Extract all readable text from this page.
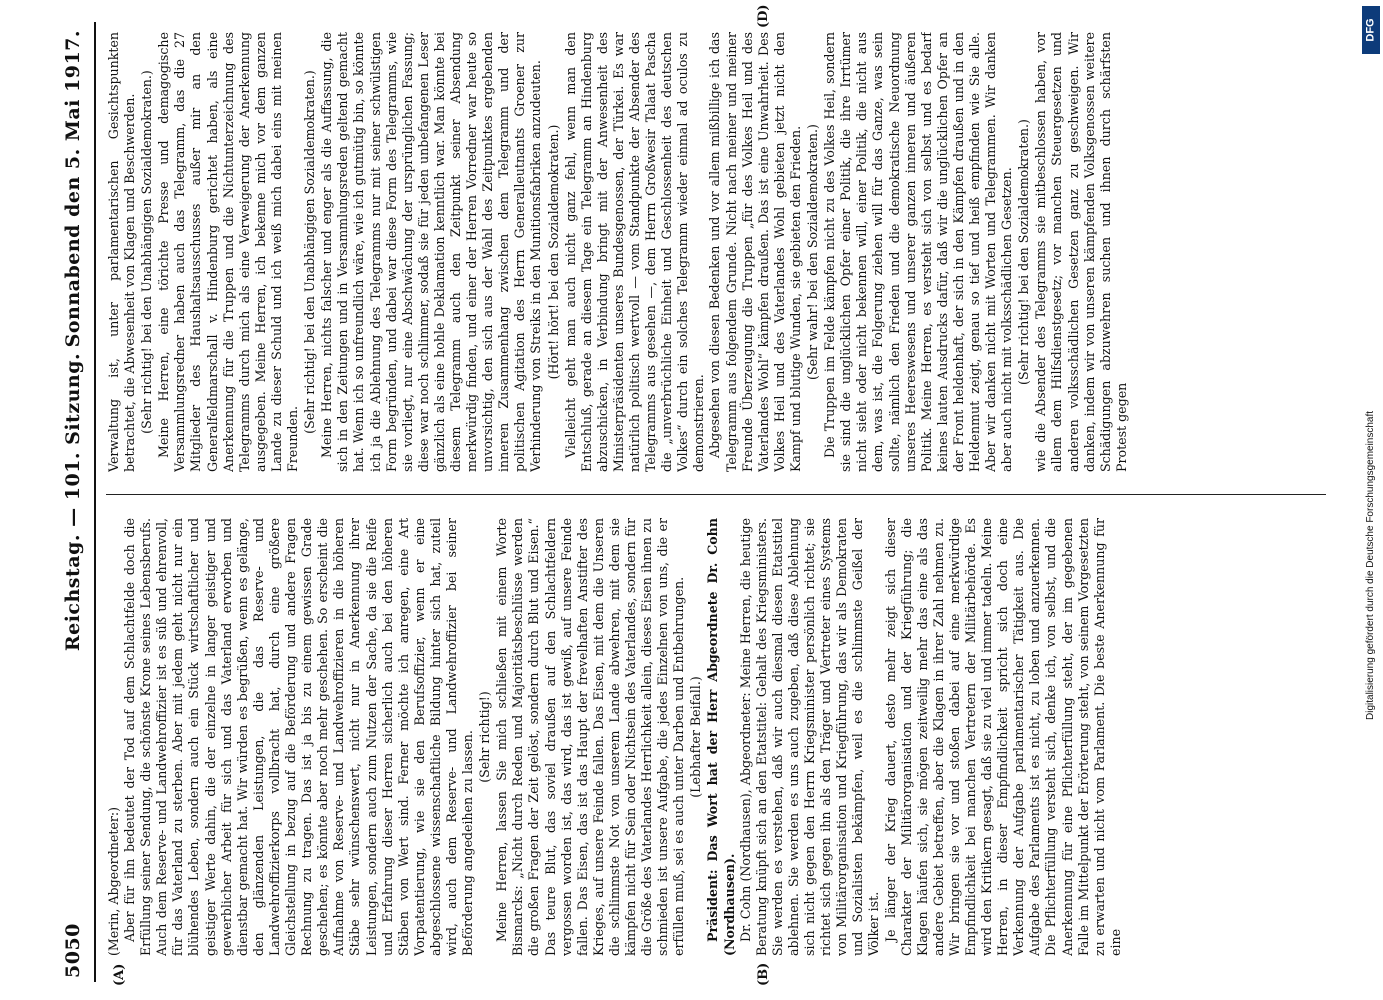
5050
Reichstag. — 101. Sitzung.
Sonnabend den 5. Mai 1917.
(A)	(B)
(D)

(Merin, Abgeordneter:) Aber für ihn bedeutet der Tod auf dem Schlachtfelde doch die Erfüllung seiner Sendung, die schönste Krone seines Lebensberufs. Auch dem Reserve- und Landwehroffizier ist es süß und ehrenvoll, für das Vaterland zu sterben. Aber mit jedem geht nicht nur ein blühendes Leben, sondern auch ein Stück wirtschaftlicher und geistiger Werte dahin, die der einzelne in langer geistiger und gewerblicher Arbeit für sich und das Vaterland erworben und dienstbar gemacht hat. Wir würden es begrüßen, wenn es gelänge, den glänzenden Leistungen, die das Reserve- und Landwehroffizierkorps vollbracht hat, durch eine größere Gleichstellung in bezug auf die Beförderung und andere Fragen Rechnung zu tragen. Das ist ja bis zu einem gewissen Grade geschehen; es könnte aber noch mehr geschehen. So erscheint die Aufnahme von Reserve- und Landwehroffizieren in die höheren Stäbe sehr wünschenswert, nicht nur in Anerkennung ihrer Leistungen, sondern auch zum Nutzen der Sache, da sie die Reife und Erfahrung dieser Herren sicherlich auch bei den höheren Stäben von Wert sind. Ferner möchte ich anregen, eine Art Vorpatentierung, wie sie den Berufsoffizier, wenn er eine abgeschlossene wissenschaftliche Bildung hinter sich hat, zuteil wird, auch dem Reserve- und Landwehroffizier bei seiner Beförderung angedeihen zu lassen. (Sehr richtig!) Meine Herren, lassen Sie mich schließen mit einem Worte Bismarcks: „Nicht durch Reden und Majoritätsbeschlüsse werden die großen Fragen der Zeit gelöst, sondern durch Blut und Eisen.“ Das teure Blut, das soviel draußen auf den Schlachtfeldern vergossen worden ist, das wird, das ist gewiß, auf unsere Feinde fallen. Das Eisen, das ist das Haupt der frevelhaften Anstifter des Krieges, auf unsere Feinde fallen. Das Eisen, mit dem die Unseren die schlimmste Not von unserem Lande abwehren, mit dem sie kämpfen nicht für Sein oder Nichtsein des Vaterlandes, sondern für die Größe des Vaterlandes Herrlichkeit allein, dieses Eisen ihnen zu schmieden ist unsere Aufgabe, die jedes Einzelnen von uns, die er erfüllen muß, sei es auch unter Darben und Entbehrungen. (Lebhafter Beifall.) Präsident: Das Wort hat der Herr Abgeordnete Dr. Cohn (Nordhausen). Dr. Cohn (Nordhausen), Abgeordneter: Meine Herren, die heutige Beratung knüpft sich an den Etatstitel: Gehalt des Kriegsministers. Sie werden es verstehen, daß wir auch diesmal diesen Etatstitel ablehnen. Sie werden es uns auch zugeben, daß diese Ablehnung sich nicht gegen den Herrn Kriegsminister persönlich richtet; sie richtet sich gegen ihn als den Träger und Vertreter eines Systems von Militärorganisation und Kriegführung, das wir als Demokraten und Sozialisten bekämpfen, weil es die schlimmste Geißel der Völker ist. Je länger der Krieg dauert, desto mehr zeigt sich dieser Charakter der Militärorganisation und der Kriegführung; die Klagen häufen sich, sie mögen zeitweilig mehr das eine als das andere Gebiet betreffen, aber die Klagen in ihrer Zahl nehmen zu. Wir bringen sie vor und stoßen dabei auf eine merkwürdige Empfindlichkeit bei manchen Vertretern der Militärbehörde. Es wird den Kritikern gesagt, daß sie zu viel und immer tadeln. Meine Herren, in dieser Empfindlichkeit spricht sich doch eine Verkennung der Aufgabe parlamentarischer Tätigkeit aus. Die Aufgabe des Parlaments ist es nicht, zu loben und anzuerkennen. Die Pflichterfüllung versteht sich, denke ich, von selbst, und die Anerkennung für eine Pflichterfüllung steht, der im gegebenen Falle im Mittelpunkt der Erörterung steht, von seinem Vorgesetzten zu erwarten und nicht vom Parlament. Die beste Anerkennung für eine

Verwaltung ist, unter parlamentarischen Gesichtspunkten betrachtet, die Abwesenheit von Klagen und Beschwerden. (Sehr richtig! bei den Unabhängigen Sozialdemokraten.) Meine Herren, eine törichte Presse und demagogische Versammlungsredner haben auch das Telegramm, das die 27 Mitglieder des Haushaltsausschusses außer mir an den Generalfeldmarschall v. Hindenburg gerichtet haben, als eine Anerkennung für die Truppen und die Nichtunterzeichnung des Telegramms durch mich als eine Verweigerung der Anerkennung ausgegeben. Meine Herren, ich bekenne mich vor dem ganzen Lande zu dieser Schuld und ich weiß mich dabei eins mit meinen Freunden.

(Sehr richtig! bei den Unabhängigen Sozialdemokraten.) Meine Herren, nichts falscher und enger als die Auffassung, die sich in den Zeitungen und in Versammlungsreden geltend gemacht hat. Wenn ich so unfreundlich wäre, wie ich gutmütig bin, so könnte ich ja die Ablehnung des Telegramms nur mit seiner schwülstigen Form begründen, und dabei war diese Form des Telegramms, wie sie vorliegt, nur eine Abschwächung der ursprünglichen Fassung; diese war noch schlimmer, sodaß sie für jeden unbefangenen Leser gänzlich als eine hohle Deklamation kenntlich war. Man könnte bei diesem Telegramm auch den Zeitpunkt seiner Absendung merkwürdig finden, und einer der Herren Vorredner war heute so unvorsichtig, den sich aus der Wahl des Zeitpunktes ergebenden inneren Zusammenhang zwischen dem Telegramm und der politischen Agitation des Herrn Generalleutnants Groener zur Verhinderung von Streiks in den Munitionsfabriken anzudeuten. (Hört! hört! bei den Sozialdemokraten.) Vielleicht geht man auch nicht ganz fehl, wenn man den Entschluß, gerade an diesem Tage ein Telegramm an Hindenburg abzuschicken, in Verbindung bringt mit der Anwesenheit des Ministerpräsidenten unseres Bundesgenossen, der Türkei. Es war natürlich politisch wertvoll — vom Standpunkte der Absender des Telegramms aus gesehen —, dem Herrn Großwesir Talaat Pascha die „unverbrüchliche Einheit und Geschlossenheit des deutschen Volkes“ durch ein solches Telegramm wieder einmal ad oculos zu demonstrieren. Abgesehen von diesen Bedenken und vor allem mißbillige ich das Telegramm aus folgendem Grunde. Nicht nach meiner und meiner Freunde Überzeugung die Truppen „für des Volkes Heil und des Vaterlandes Wohl“ kämpfen draußen. Das ist eine Unwahrheit. Des Volkes Heil und des Vaterlandes Wohl gebieten jetzt nicht den Kampf und blutige Wunden, sie gebieten den Frieden. (Sehr wahr! bei den Sozialdemokraten.) Die Truppen im Felde kämpfen nicht zu des Volkes Heil, sondern sie sind die unglücklichen Opfer einer Politik, die ihre Irrtümer nicht sieht oder nicht bekennen will, einer Politik, die nicht aus dem, was ist, die Folgerung ziehen will für das Ganze, was sein sollte, nämlich den Frieden und die demokratische Neuordnung unseres Heereswesens und unserer ganzen inneren und äußeren Politik. Meine Herren, es versteht sich von selbst und es bedarf keines lauten Ausdrucks dafür, daß wir die unglücklichen Opfer an der Front heldenhaft, der sich in den Kämpfen draußen und in den Heldenmut zeigt, genau so tief und heiß empfinden wie Sie alle. Aber wir danken nicht mit Worten und Telegrammen. Wir danken aber auch nicht mit volksschädlichen Gesetzen. (Sehr richtig! bei den Sozialdemokraten.) wie die Absender des Telegramms sie mitbeschlossen haben, vor allem dem Hilfsdienstgesetz; vor manchen Steuergesetzen und anderen volksschädlichen Gesetzen ganz zu geschweigen. Wir danken, indem wir von unseren kämpfenden Volksgenossen weitere Schädigungen abzuwehren suchen und ihnen durch schärfsten Protest gegen

DFG
Digitalisierung gefördert durch die Deutsche Forschungsgemeinschaft
